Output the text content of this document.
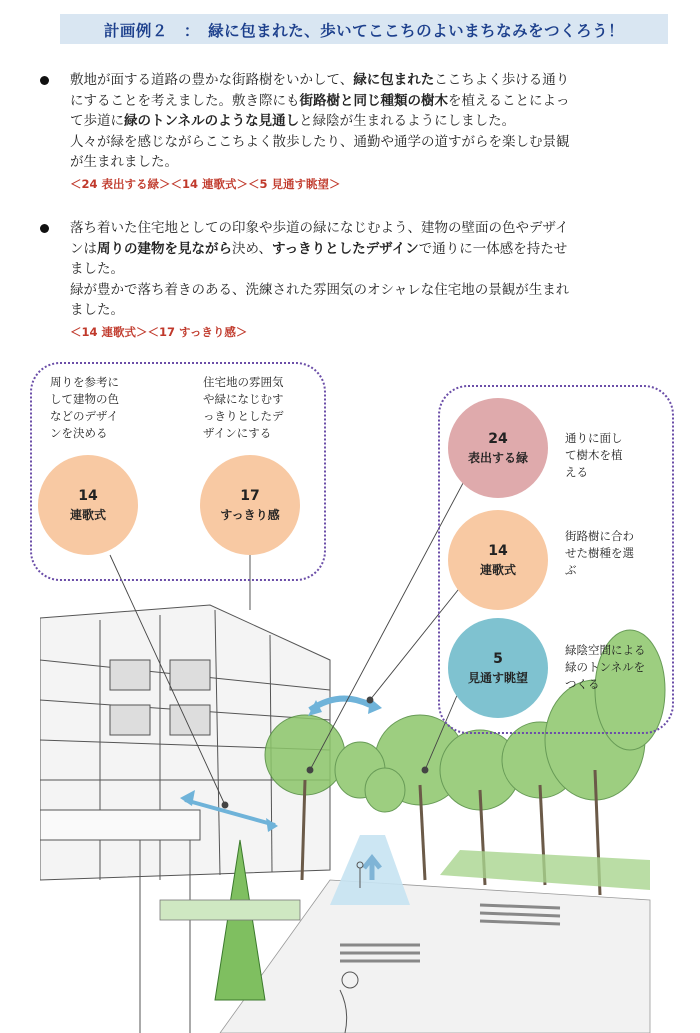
計画例２　：　緑に包まれた、歩いてここちのよいまちなみをつくろう！

敷地が面する道路の豊かな街路樹をいかして、緑に包まれたここちよく歩ける通り

にすることを考えました。敷き際にも街路樹と同じ種類の樹木を植えることによっ

て歩道に緑のトンネルのような見通しと緑陰が生まれるようにしました。

人々が緑を感じながらここちよく散歩したり、通勤や通学の道すがらを楽しむ景観

が生まれました。

＜24 表出する緑＞＜14 連歌式＞＜5 見通す眺望＞

落ち着いた住宅地としての印象や歩道の緑になじむよう、建物の壁面の色やデザイ

ンは周りの建物を見ながら決め、すっきりとしたデザインで通りに一体感を持たせ

ました。

緑が豊かで落ち着きのある、洗練された雰囲気のオシャレな住宅地の景観が生まれ

ました。

＜14 連歌式＞＜17 すっきり感＞
周りを参考に
して建物の色
などのデザイ
ンを決める
住宅地の雰囲気
や緑になじむす
っきりとしたデ
ザインにする
14
連歌式
17
すっきり感
24
表出する緑
通りに面し
て樹木を植
える
14
連歌式
街路樹に合わ
せた樹種を選
ぶ
5
見通す眺望
緑陰空間による
緑のトンネルを
つくる
